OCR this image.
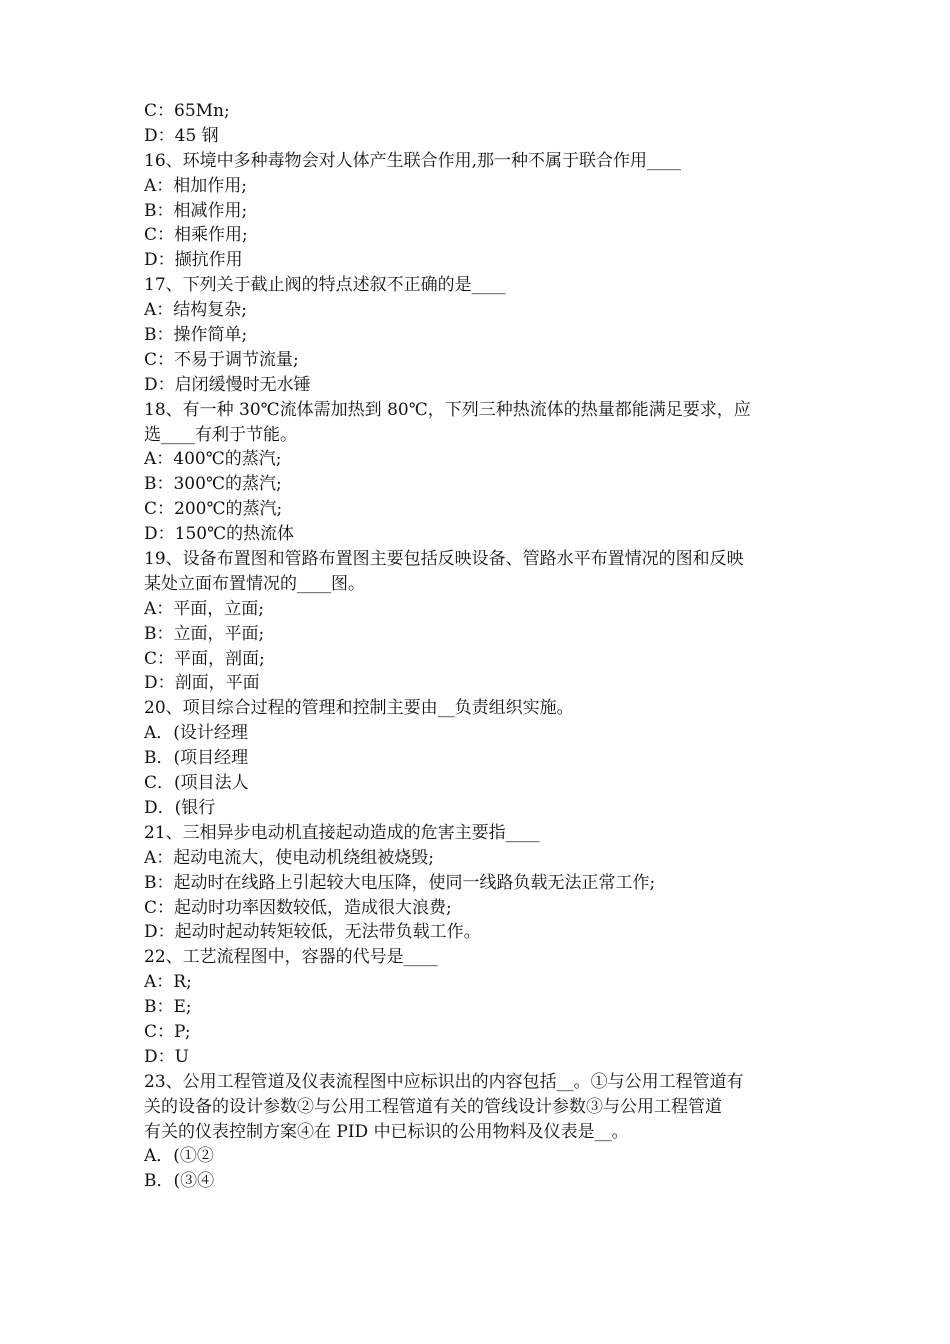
C：65Mn;
D：45 钢
16、环境中多种毒物会对人体产生联合作用,那一种不属于联合作用____
A：相加作用;
B：相减作用;
C：相乘作用;
D：撷抗作用
17、下列关于截止阀的特点述叙不正确的是____
A：结构复杂;
B：操作简单;
C：不易于调节流量;
D：启闭缓慢时无水锤
18、有一种 30℃流体需加热到 80℃，下列三种热流体的热量都能满足要求，应
选____有利于节能。
A：400℃的蒸汽;
B：300℃的蒸汽;
C：200℃的蒸汽;
D：150℃的热流体
19、设备布置图和管路布置图主要包括反映设备、管路水平布置情况的图和反映
某处立面布置情况的____图。
A：平面，立面;
B：立面，平面;
C：平面，剖面;
D：剖面，平面
20、项目综合过程的管理和控制主要由__负责组织实施。
A．(设计经理
B．(项目经理
C．(项目法人
D．(银行
21、三相异步电动机直接起动造成的危害主要指____
A：起动电流大，使电动机绕组被烧毁;
B：起动时在线路上引起较大电压降，使同一线路负载无法正常工作;
C：起动时功率因数较低，造成很大浪费;
D：起动时起动转矩较低，无法带负载工作。
22、工艺流程图中，容器的代号是____
A：R;
B：E;
C：P;
D：U
23、公用工程管道及仪表流程图中应标识出的内容包括__。①与公用工程管道有
关的设备的设计参数②与公用工程管道有关的管线设计参数③与公用工程管道
有关的仪表控制方案④在 PID 中已标识的公用物料及仪表是__。
A．(①②
B．(③④
